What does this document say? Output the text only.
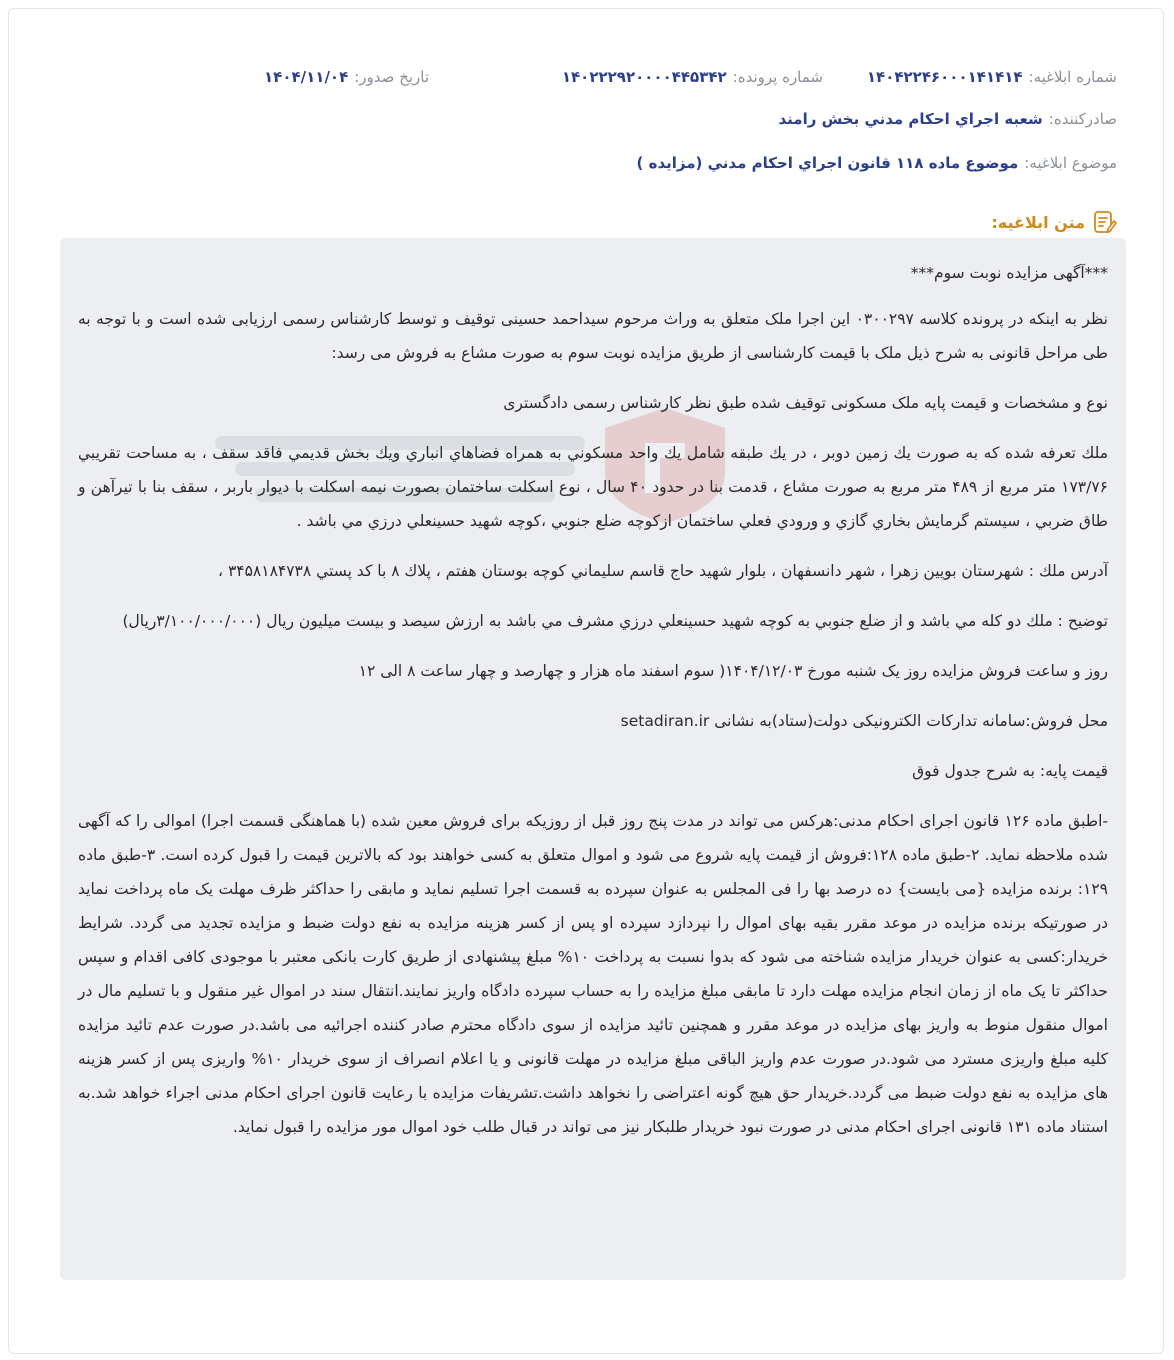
شماره ابلاغیه:
۱۴۰۴۲۲۴۶۰۰۰۱۴۱۴۱۴
شماره پرونده:
۱۴۰۲۲۲۹۲۰۰۰۰۴۴۵۳۴۲
تاریخ صدور:
۱۴۰۴/۱۱/۰۴
صادرکننده:
شعبه اجراي احكام مدني بخش رامند
موضوع ابلاغیه:
موضوع ماده ۱۱۸ قانون اجراي احكام مدني (مزايده )
متن ابلاغیه:

***آگهی مزایده نوبت سوم***

نظر به اینکه در پرونده کلاسه ۰۳۰۰۲۹۷ این اجرا ملک متعلق به وراث مرحوم سیداحمد حسینی توقیف و توسط کارشناس رسمی ارزیابی شده است و با توجه به طی مراحل قانونی به شرح ذیل ملک با قیمت کارشناسی از طریق مزایده نوبت سوم به صورت مشاع به فروش می رسد:

نوع و مشخصات و قیمت پایه ملک مسکونی توقیف شده طبق نظر کارشناس رسمی دادگستری

ملك تعرفه شده كه به صورت يك زمين دوبر ، در يك طبقه شامل يك واحد مسكوني به همراه فضاهاي انباري ويك بخش قديمي فاقد سقف ، به مساحت تقريبي ۱۷۳/۷۶ متر مربع از ۴۸۹ متر مربع به صورت مشاع ، قدمت بنا در حدود ۴۰ سال ، نوع اسكلت ساختمان بصورت نيمه اسكلت با ديوار باربر ، سقف بنا با تيرآهن و طاق ضربي ، سيستم گرمايش بخاري گازي و ورودي فعلي ساختمان ازكوچه ضلع جنوبي ،كوچه شهيد حسينعلي درزي مي باشد .

آدرس ملك : شهرستان بويين زهرا ، شهر دانسفهان ، بلوار شهيد حاج قاسم سليماني كوچه بوستان هفتم ، پلاك ۸ با كد پستي ۳۴۵۸۱۸۴۷۳۸ ،

توضيح : ملك دو كله مي باشد و از ضلع جنوبي به كوچه شهيد حسينعلي درزي مشرف مي باشد به ارزش سيصد و بيست ميليون ريال (۳/۱۰۰/۰۰۰/۰۰۰ريال)

روز و ساعت فروش مزایده روز یک شنبه مورخ ۱۴۰۴/۱۲/۰۳( سوم اسفند ماه هزار و چهارصد و چهار ساعت ۸ الی ۱۲

محل فروش:سامانه تدارکات الکترونیکی دولت(ستاد)به نشانی setadiran.ir

قیمت پایه: به شرح جدول فوق

-اطبق ماده ۱۲۶ قانون اجرای احکام مدنی:هرکس می تواند در مدت پنج روز قبل از روزیکه برای فروش معین شده (با هماهنگی قسمت اجرا) اموالی را که آگهی شده ملاحظه نماید. ۲-طبق ماده ۱۲۸:فروش از قیمت پایه شروع می شود و اموال متعلق به کسی خواهند بود که بالاترین قیمت را قبول کرده است. ۳-طبق ماده ۱۲۹: برنده مزایده {می بایست} ده درصد بها را فی المجلس به عنوان سپرده به قسمت اجرا تسلیم نماید و مابقی را حداکثر ظرف مهلت یک ماه پرداخت نماید در صورتیکه برنده مزایده در موعد مقرر بقیه بهای اموال را نپردازد سپرده او پس از کسر هزینه مزایده به نفع دولت ضبط و مزایده تجدید می گردد. شرایط خریدار:کسی به عنوان خریدار مزایده شناخته می شود که بدوا نسبت به پرداخت ۱۰% مبلغ پیشنهادی از طریق کارت بانکی معتبر با موجودی کافی اقدام و سپس حداکثر تا یک ماه از زمان انجام مزایده مهلت دارد تا مابقی مبلغ مزایده را به حساب سپرده دادگاه واریز نمایند.انتقال سند در اموال غیر منقول و با تسلیم مال در اموال منقول منوط به واریز بهای مزایده در موعد مقرر و همچنین تائید مزایده از سوی دادگاه محترم صادر کننده اجرائیه می باشد.در صورت عدم تائید مزایده کلیه مبلغ واریزی مسترد می شود.در صورت عدم واریز الباقی مبلغ مزایده در مهلت قانونی و یا اعلام انصراف از سوی خریدار ۱۰% واریزی پس از کسر هزینه های مزایده به نفع دولت ضبط می گردد.خریدار حق هیچ گونه اعتراضی را نخواهد داشت.تشریفات مزایده با رعایت قانون اجرای احکام مدنی اجراء خواهد شد.به استناد ماده ۱۳۱ قانونی اجرای احکام مدنی در صورت نبود خریدار طلبکار نیز می تواند در قبال طلب خود اموال مور مزایده را قبول نماید.
